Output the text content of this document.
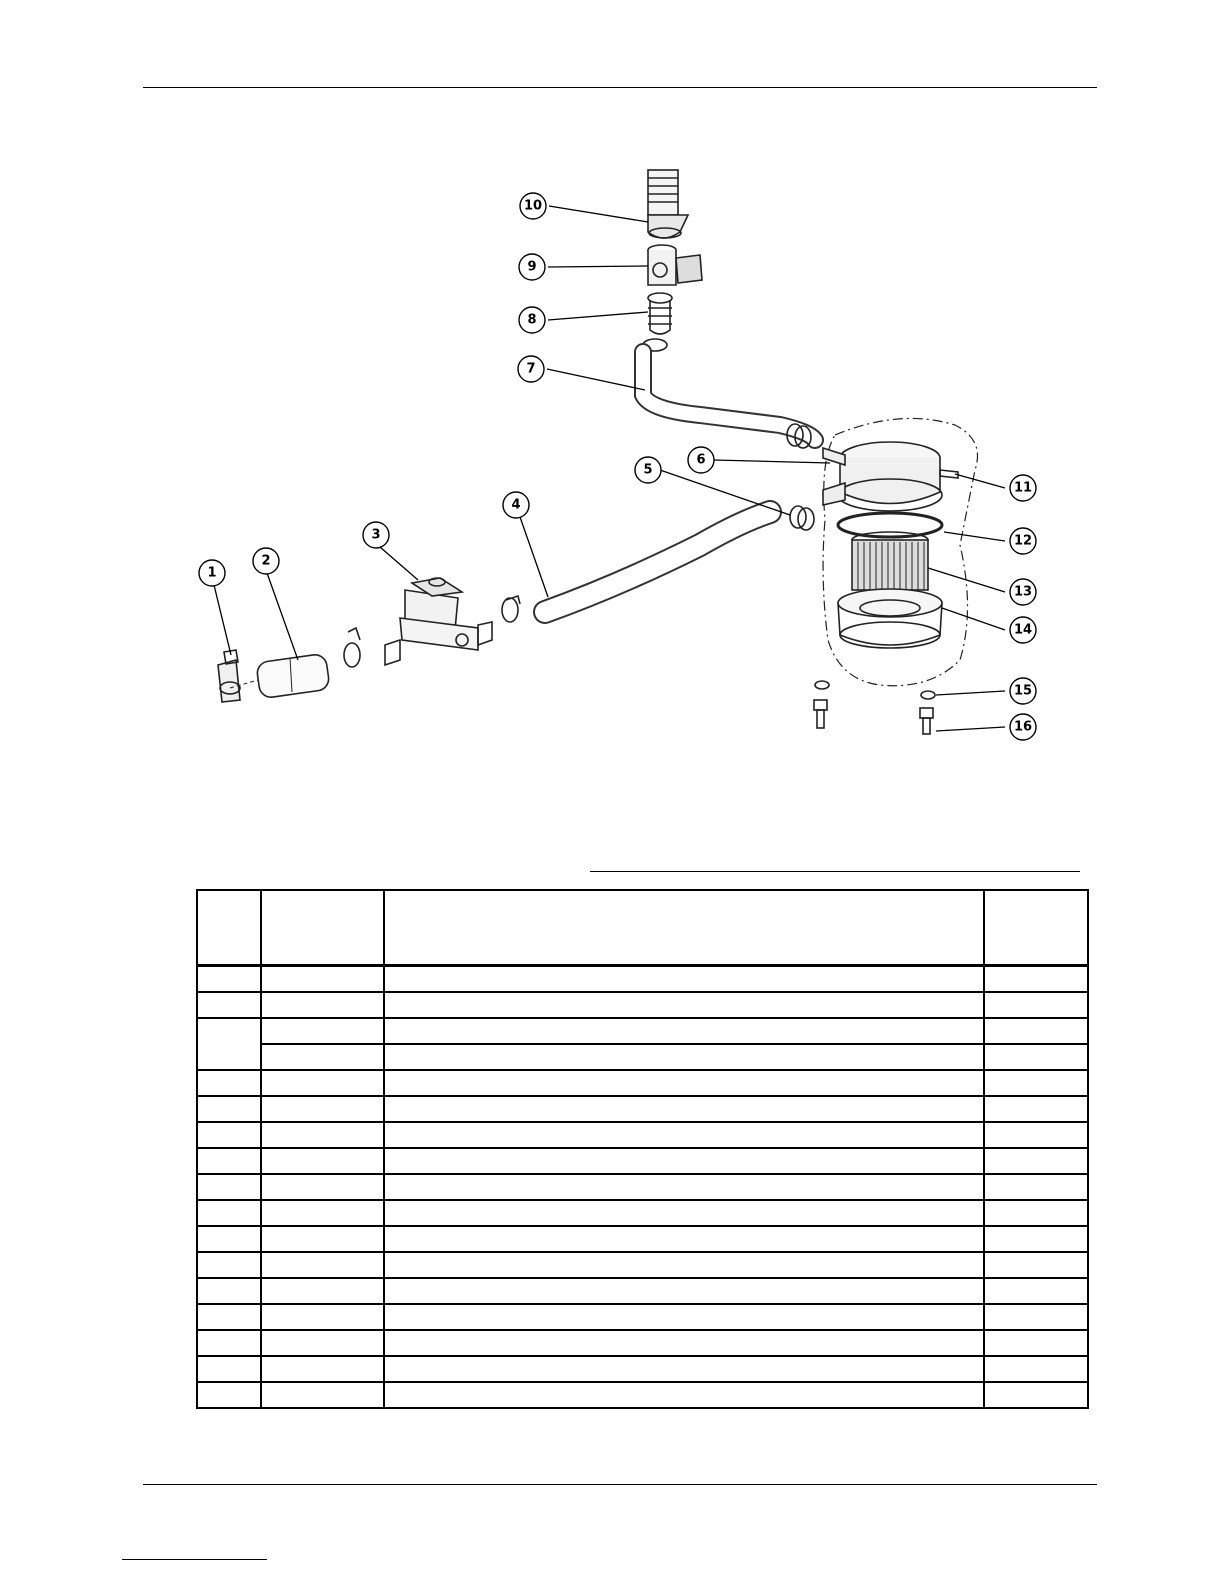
10
9
8
7
6
5
11
12
13
14
15
16
3
4
2
1
